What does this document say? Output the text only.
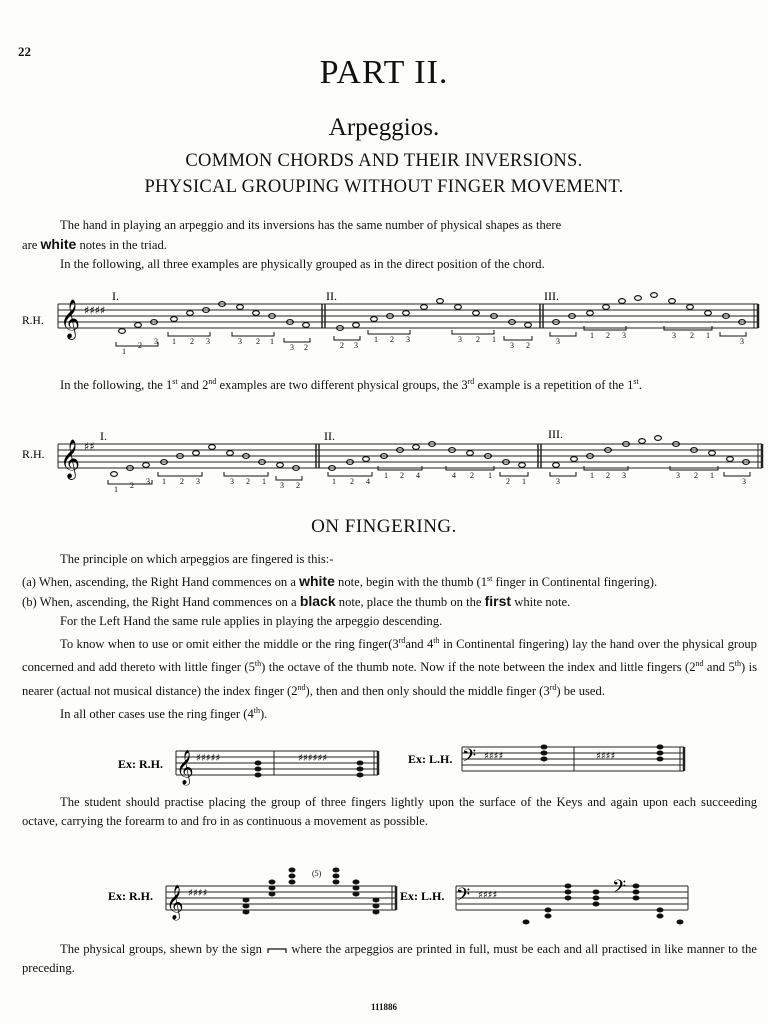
22
PART II.
Arpeggios.
COMMON CHORDS AND THEIR INVERSIONS.
PHYSICAL GROUPING WITHOUT FINGER MOVEMENT.

The hand in playing an arpeggio and its inversions has the same number of physical shapes as there

are white notes in the triad.

In the following, all three examples are physically grouped as in the direct position of the chord.

R.H. 𝄞 ♯♯♯♯
I.	II.	III.
1
2 3 1 2 3	3 2 1
3 2	2 3
1 2 3	3 2 1
3 2	3
1 2 3	3 2 1
3

In the following, the 1st and 2nd examples are two different physical groups, the 3rd example is a repetition of the 1st.

R.H. 𝄞 ♯♯
I.	II.	III.
1 2 3 1 2 3	3 2 1 3 2	1 2 4
1 2 4	4 2 1
2 1	3
1 2 3	3 2 1
3
ON FINGERING.

The principle on which arpeggios are fingered is this:-

(a) When, ascending, the Right Hand commences on a white note, begin with the thumb (1st finger in Continental fingering).

(b) When, ascending, the Right Hand commences on a black note, place the thumb on the first white note.

For the Left Hand the same rule applies in playing the arpeggio descending.

To know when to use or omit either the middle or the ring finger(3rdand 4th in Continental fingering) lay the hand over the physical group concerned and add thereto with little finger (5th) the octave of the thumb note. Now if the note between the index and little fingers (2nd and 5th) is nearer (actual not musical distance) the index finger (2nd), then and then only should the middle finger (3rd) be used.

In all other cases use the ring finger (4th).

Ex: R.H. 𝄞 ♯♯♯♯♯	♯♯♯♯♯♯	Ex: L.H. 𝄢 ♯♯♯♯	♯♯♯♯

The student should practise placing the group of three fingers lightly upon the surface of the Keys and again upon each succeeding octave, carrying the forearm to and fro in as continuous a movement as possible.

Ex: R.H. 𝄞 ♯♯♯♯
(5)
Ex: L.H. 𝄢 ♯♯♯♯	𝄢

The physical groups, shewn by the sign  where the arpeggios are printed in full, must be each and all practised in like manner to the preceding.

111886
